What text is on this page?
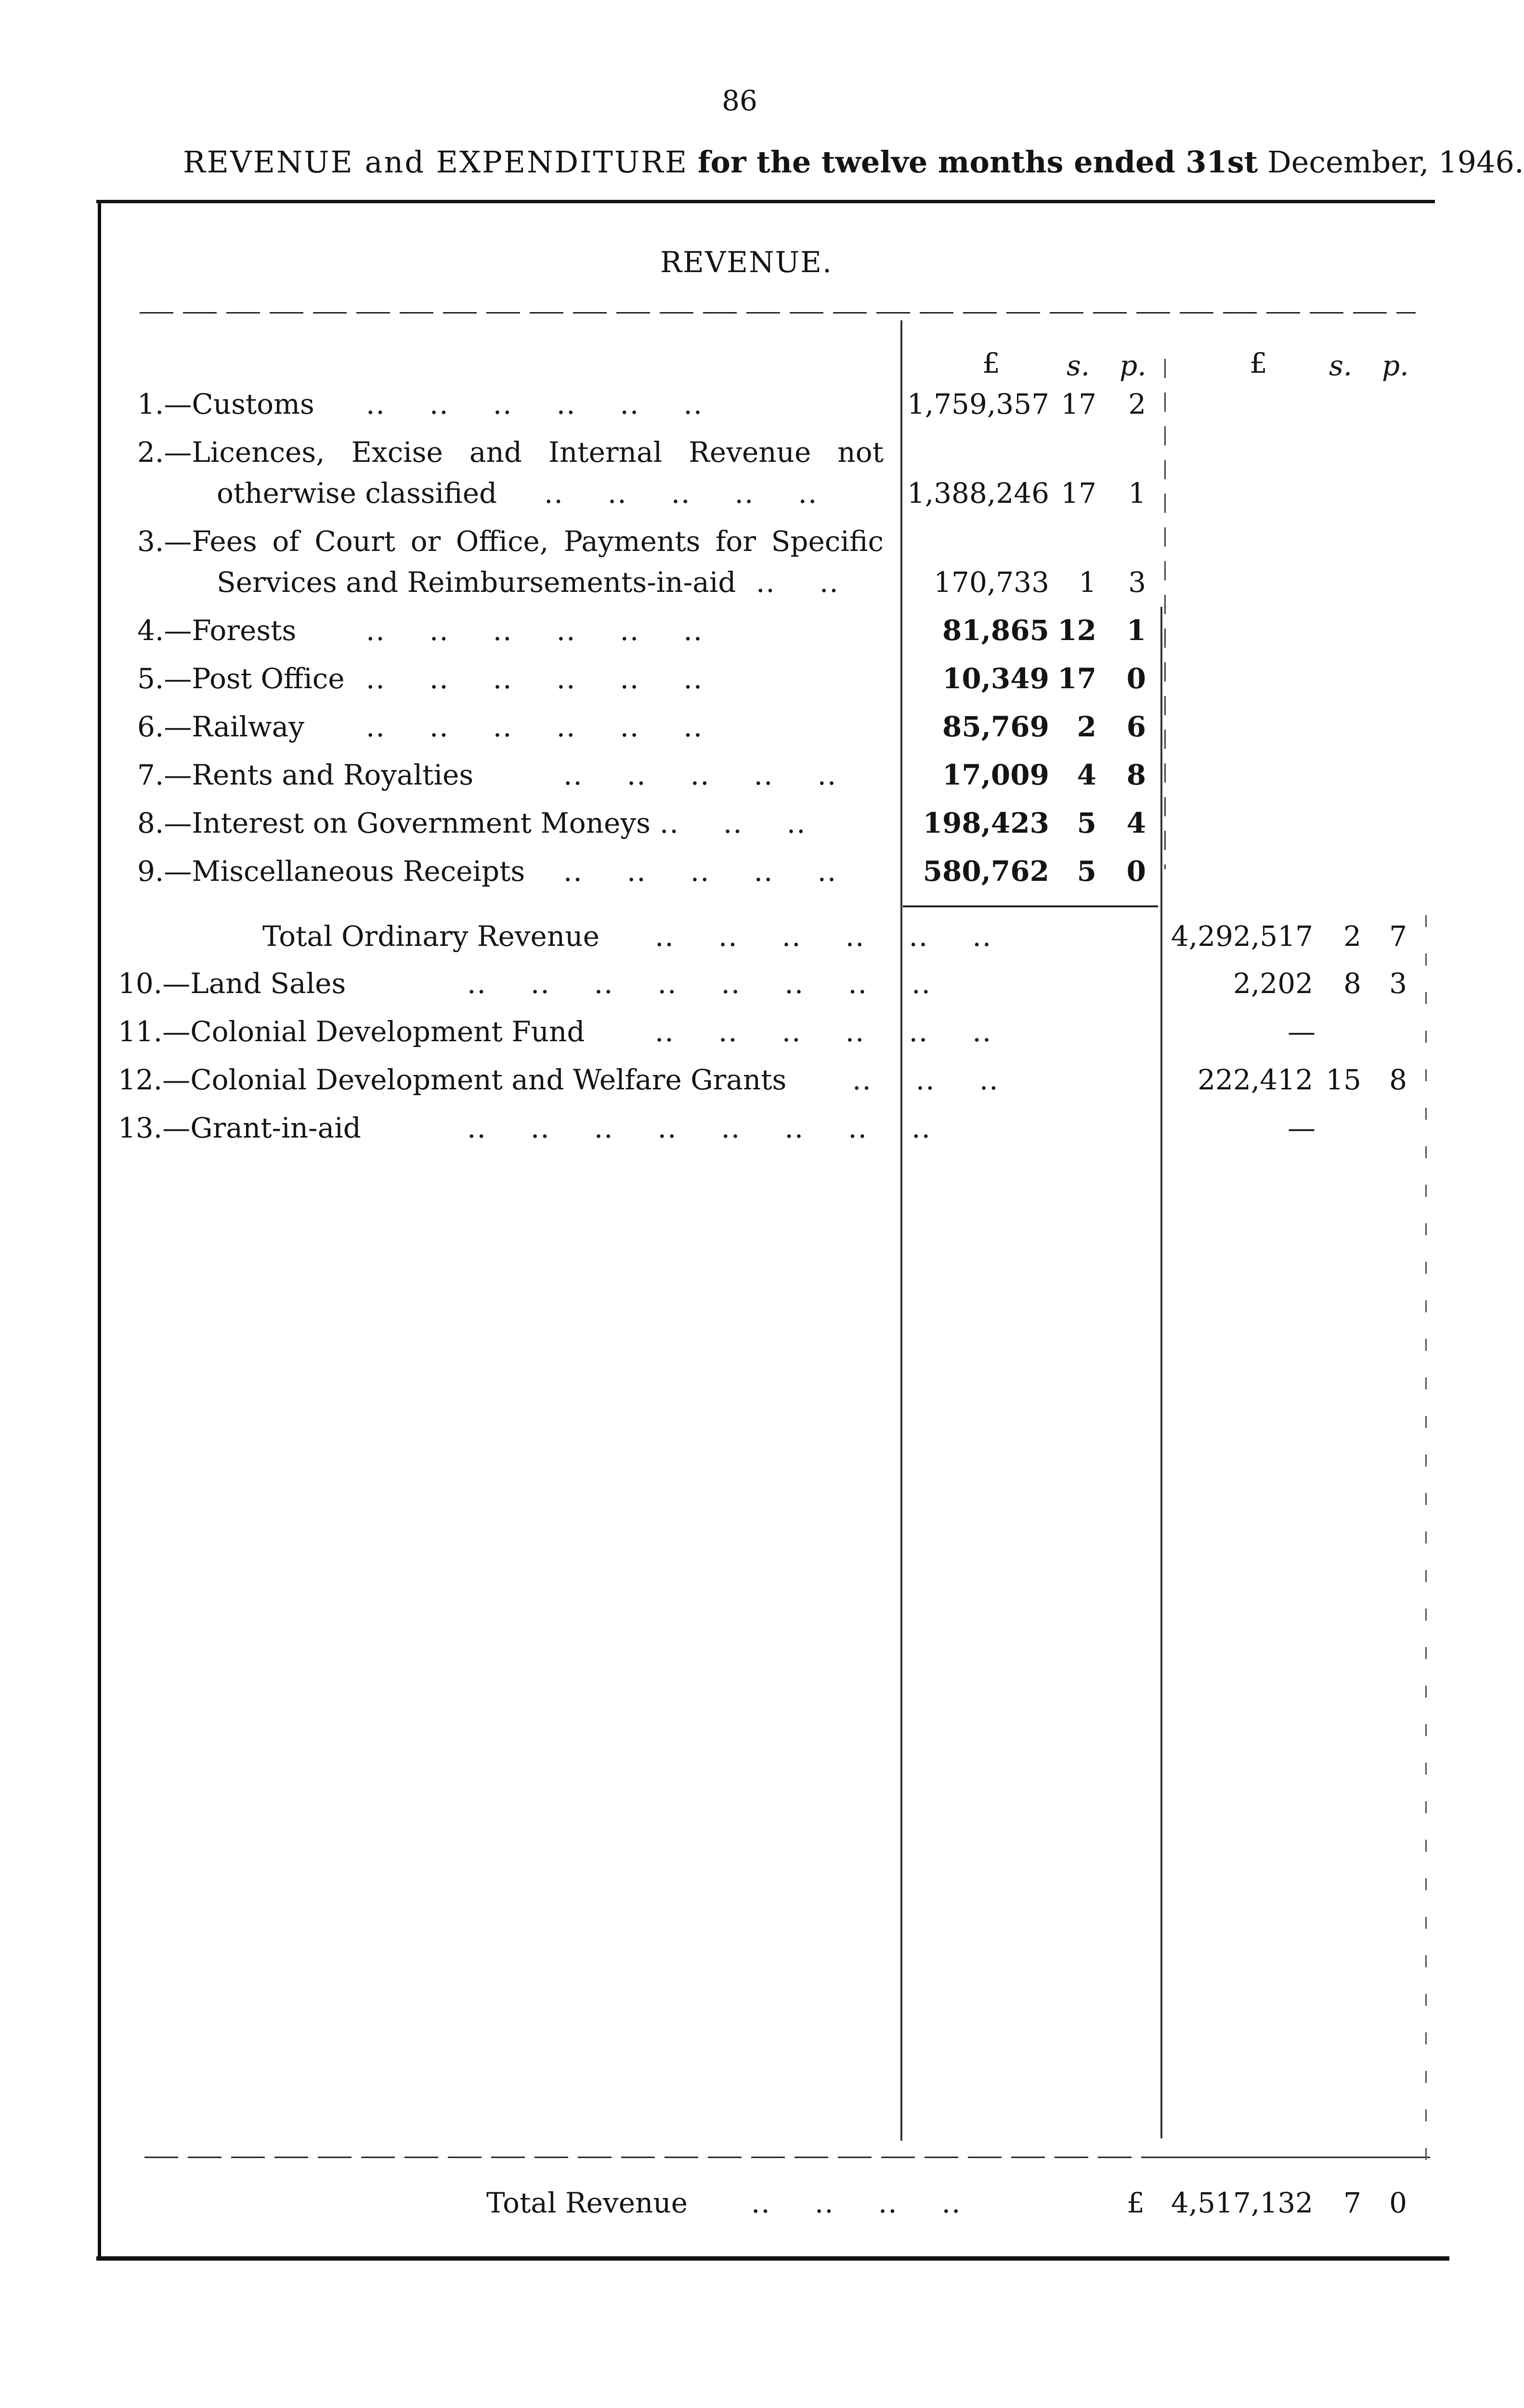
86
REVENUE and EXPENDITURE for the twelve months ended 31st December, 1946.
REVENUE.
£ s. p.	£ s. p.
1.—Customs ..  ..  ..  ..  ..  ..	1,759,357 17 2
2.—Licences, Excise and Internal Revenue not
otherwise classified ..  ..  ..  ..  ..	1,388,246 17 1
3.—Fees of Court or Office, Payments for Specific
Services and Reimbursements-in-aid ..  ..	170,733 1 3
4.—Forests ..  ..  ..  ..  ..  ..	81,865 12 1
5.—Post Office ..  ..  ..  ..  ..  ..	10,349 17 0
6.—Railway ..  ..  ..  ..  ..  ..	85,769 2 6
7.—Rents and Royalties	..  ..  ..  ..  ..	17,009 4 8
8.—Interest on Government Moneys ..  ..  ..	198,423 5 4
9.—Miscellaneous Receipts ..  ..  ..  ..  ..	580,762 5 0
Total Ordinary Revenue ..  ..  ..  ..  ..  ..	4,292,517 2 7
10.—Land Sales	..  ..  ..  ..  ..  ..  ..  ..	2,202 8 3
11.—Colonial Development Fund	..  ..  ..  ..  ..  ..	—
12.—Colonial Development and Welfare Grants ..  ..  ..	222,412 15 8
13.—Grant-in-aid	..  ..  ..  ..  ..  ..  ..  ..	—
Total Revenue ..  ..  ..  ..	£ 4,517,132 7 0
